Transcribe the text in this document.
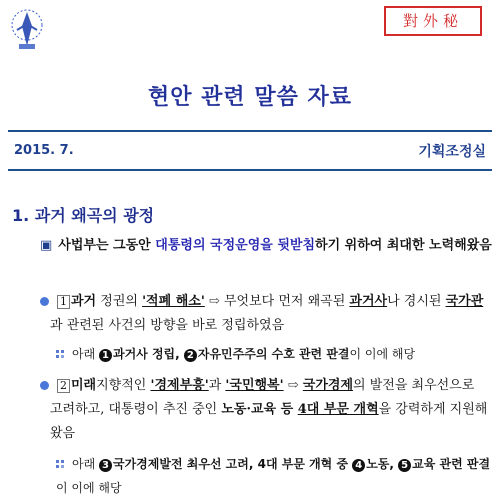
對外秘
현안 관련 말씀 자료
2015. 7.	기획조정실
1. 과거 왜곡의 광정
▣ 사법부는 그동안 대통령의 국정운영을 뒷받침하기 위하여 최대한 노력해왔음
1 과거 정권의 '적폐 해소' ⇨ 무엇보다 먼저 왜곡된 과거사나 경시된 국가관과 관련된 사건의 방향을 바로 정립하였음
아래 1 과거사 정립, 2 자유민주주의 수호 관련 판결이 이에 해당
2 미래지향적인 '경제부흥'과 '국민행복' ⇨ 국가경제의 발전을 최우선으로 고려하고, 대통령이 추진 중인 노동·교육 등 4대 부문 개혁을 강력하게 지원해왔음
아래 3 국가경제발전 최우선 고려, 4대 부문 개혁 중 4 노동, 5 교육 관련 판결이 이에 해당
